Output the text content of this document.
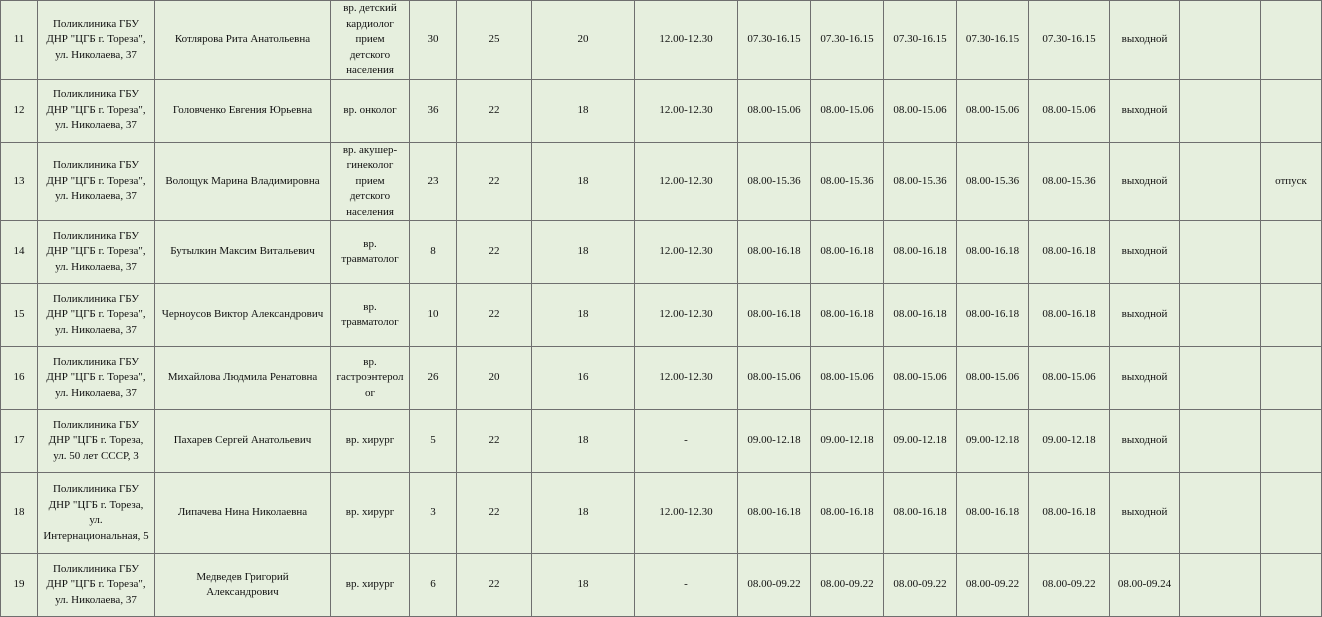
11	Поликлиника ГБУ
ДНР "ЦГБ г. Тореза",
ул. Николаева, 37	Котлярова Рита Анатольевна	вр. детский
кардиолог
прием
детского
населения	30	25	20	12.00-12.30	07.30-16.15	07.30-16.15	07.30-16.15	07.30-16.15	07.30-16.15	выходной		
12	Поликлиника ГБУ
ДНР "ЦГБ г. Тореза",
ул. Николаева, 37	Головченко Евгения Юрьевна	вр. онколог	36	22	18	12.00-12.30	08.00-15.06	08.00-15.06	08.00-15.06	08.00-15.06	08.00-15.06	выходной		
13	Поликлиника ГБУ
ДНР "ЦГБ г. Тореза",
ул. Николаева, 37	Волощук Марина Владимировна	вр. акушер-
гинеколог
прием
детского
населения	23	22	18	12.00-12.30	08.00-15.36	08.00-15.36	08.00-15.36	08.00-15.36	08.00-15.36	выходной		отпуск
14	Поликлиника ГБУ
ДНР "ЦГБ г. Тореза",
ул. Николаева, 37	Бутылкин Максим Витальевич	вр.
травматолог	8	22	18	12.00-12.30	08.00-16.18	08.00-16.18	08.00-16.18	08.00-16.18	08.00-16.18	выходной		
15	Поликлиника ГБУ
ДНР "ЦГБ г. Тореза",
ул. Николаева, 37	Черноусов Виктор Александрович	вр.
травматолог	10	22	18	12.00-12.30	08.00-16.18	08.00-16.18	08.00-16.18	08.00-16.18	08.00-16.18	выходной		
16	Поликлиника ГБУ
ДНР "ЦГБ г. Тореза",
ул. Николаева, 37	Михайлова Людмила Ренатовна	вр.
гастроэнтерол
ог	26	20	16	12.00-12.30	08.00-15.06	08.00-15.06	08.00-15.06	08.00-15.06	08.00-15.06	выходной		
17	Поликлиника ГБУ
ДНР "ЦГБ г. Тореза,
ул. 50 лет СССР, 3	Пахарев Сергей Анатольевич	вр. хирург	5	22	18	-	09.00-12.18	09.00-12.18	09.00-12.18	09.00-12.18	09.00-12.18	выходной		
18	Поликлиника ГБУ
ДНР "ЦГБ г. Тореза,
ул.
Интернациональная, 5	Липачева Нина Николаевна	вр. хирург	3	22	18	12.00-12.30	08.00-16.18	08.00-16.18	08.00-16.18	08.00-16.18	08.00-16.18	выходной		
19	Поликлиника ГБУ
ДНР "ЦГБ г. Тореза",
ул. Николаева, 37	Медведев Григорий
Александрович	вр. хирург	6	22	18	-	08.00-09.22	08.00-09.22	08.00-09.22	08.00-09.22	08.00-09.22	08.00-09.24		
